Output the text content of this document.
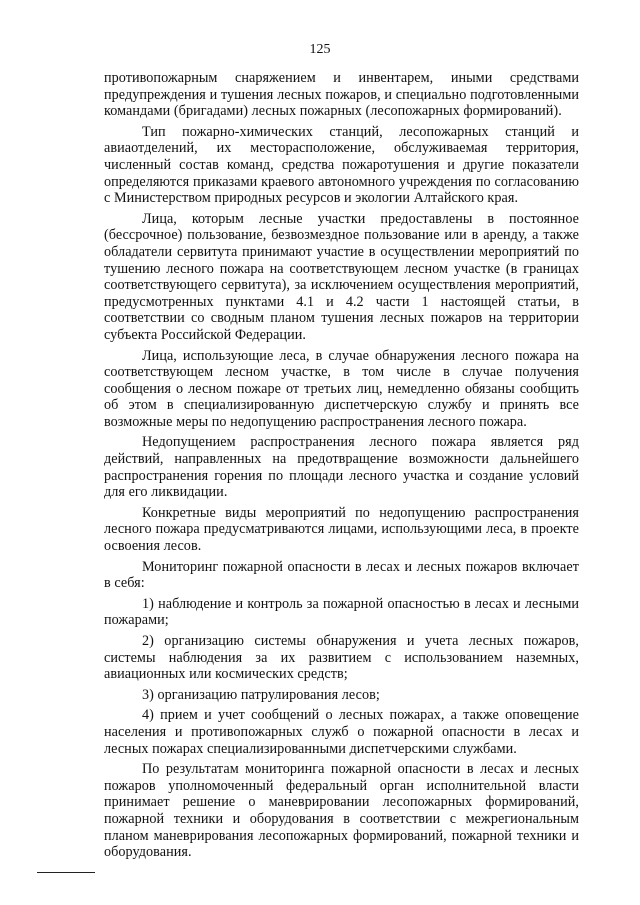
125

противопожарным снаряжением и инвентарем, иными средствами предупреждения и тушения лесных пожаров, и специально подготовленными командами (бригадами) лесных пожарных (лесопожарных формирований).

Тип пожарно-химических станций, лесопожарных станций и авиаотделений, их месторасположение, обслуживаемая территория, численный состав команд, средства пожаротушения и другие показатели определяются приказами краевого автономного учреждения по согласованию с Министерством природных ресурсов и экологии Алтайского края.

Лица, которым лесные участки предоставлены в постоянное (бессрочное) пользование, безвозмездное пользование или в аренду, а также обладатели сервитута принимают участие в осуществлении мероприятий по тушению лесного пожара на соответствующем лесном участке (в границах соответствующего сервитута), за исключением осуществления мероприятий, предусмотренных пунктами 4.1 и 4.2 части 1 настоящей статьи, в соответствии со сводным планом тушения лесных пожаров на территории субъекта Российской Федерации.

Лица, использующие леса, в случае обнаружения лесного пожара на соответствующем лесном участке, в том числе в случае получения сообщения о лесном пожаре от третьих лиц, немедленно обязаны сообщить об этом в специализированную диспетчерскую службу и принять все возможные меры по недопущению распространения лесного пожара.

Недопущением распространения лесного пожара является ряд действий, направленных на предотвращение возможности дальнейшего распространения горения по площади лесного участка и создание условий для его ликвидации.

Конкретные виды мероприятий по недопущению распространения лесного пожара предусматриваются лицами, использующими леса, в проекте освоения лесов.

Мониторинг пожарной опасности в лесах и лесных пожаров включает в себя:

1) наблюдение и контроль за пожарной опасностью в лесах и лесными пожарами;

2) организацию системы обнаружения и учета лесных пожаров, системы наблюдения за их развитием с использованием наземных, авиационных или космических средств;

3) организацию патрулирования лесов;

4) прием и учет сообщений о лесных пожарах, а также оповещение населения и противопожарных служб о пожарной опасности в лесах и лесных пожарах специализированными диспетчерскими службами.

По результатам мониторинга пожарной опасности в лесах и лесных пожаров уполномоченный федеральный орган исполнительной власти принимает решение о маневрировании лесопожарных формирований, пожарной техники и оборудования в соответствии с межрегиональным планом маневрирования лесопожарных формирований, пожарной техники и оборудования.
